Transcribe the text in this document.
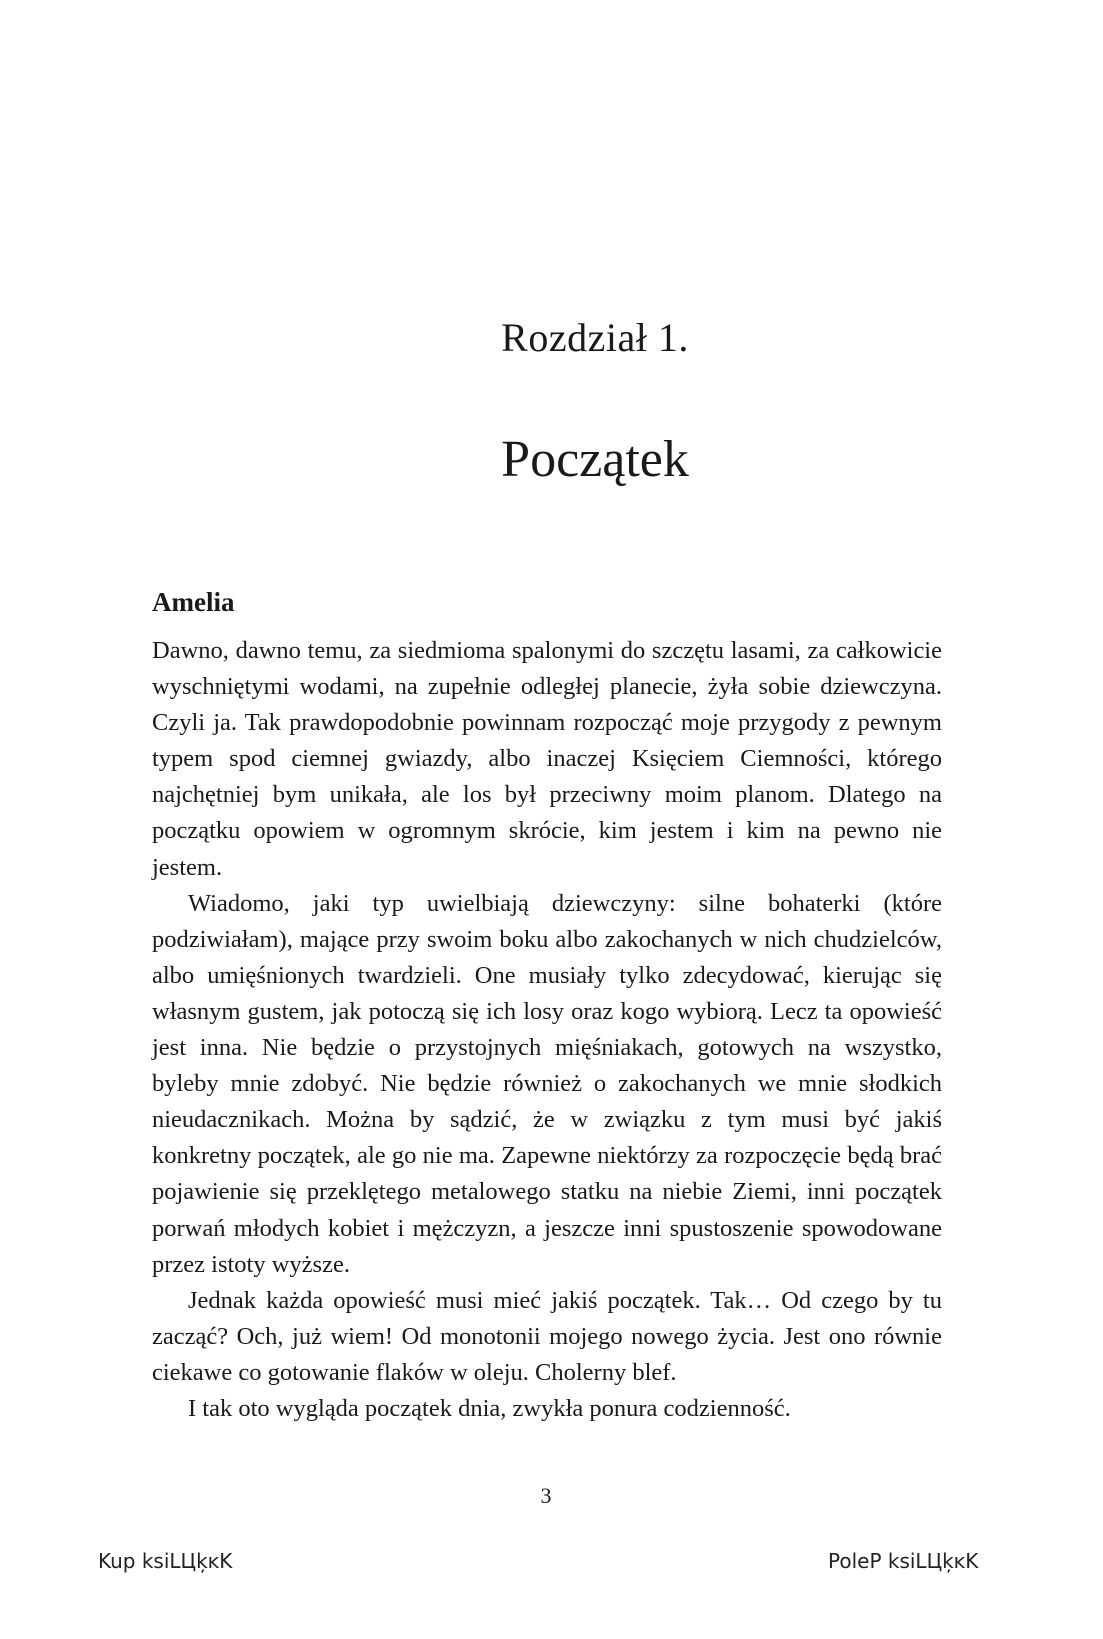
Rozdział 1.
Początek
Amelia

Dawno, dawno temu, za siedmioma spalonymi do szczętu lasami, za całkowicie wyschniętymi wodami, na zupełnie odległej planecie, żyła sobie dziewczyna. Czyli ja. Tak prawdopodobnie powinnam rozpocząć moje przygody z pewnym typem spod ciemnej gwiazdy, albo inaczej Księciem Ciemności, którego najchętniej bym unikała, ale los był przeciwny moim planom. Dlatego na początku opowiem w ogromnym skrócie, kim jestem i kim na pewno nie jestem.

Wiadomo, jaki typ uwielbiają dziewczyny: silne bohaterki (które podziwiałam), mające przy swoim boku albo zakochanych w nich chudzielców, albo umięśnionych twardzieli. One musiały tylko zdecydować, kierując się własnym gustem, jak potoczą się ich losy oraz kogo wybiorą. Lecz ta opowieść jest inna. Nie będzie o przystojnych mięśniakach, gotowych na wszystko, byleby mnie zdobyć. Nie będzie również o zakochanych we mnie słodkich nieudacznikach. Można by sądzić, że w związku z tym musi być jakiś konkretny początek, ale go nie ma. Zapewne niektórzy za rozpoczęcie będą brać pojawienie się przeklętego metalowego statku na niebie Ziemi, inni początek porwań młodych kobiet i mężczyzn, a jeszcze inni spustoszenie spowodowane przez istoty wyższe.

Jednak każda opowieść musi mieć jakiś początek. Tak… Od czego by tu zacząć? Och, już wiem! Od monotonii mojego nowego życia. Jest ono równie ciekawe co gotowanie flaków w oleju. Cholerny blef.

I tak oto wygląda początek dnia, zwykła ponura codzienność.

3
Kup ksiLЦķĸK	PoleP ksiLЦķĸK
